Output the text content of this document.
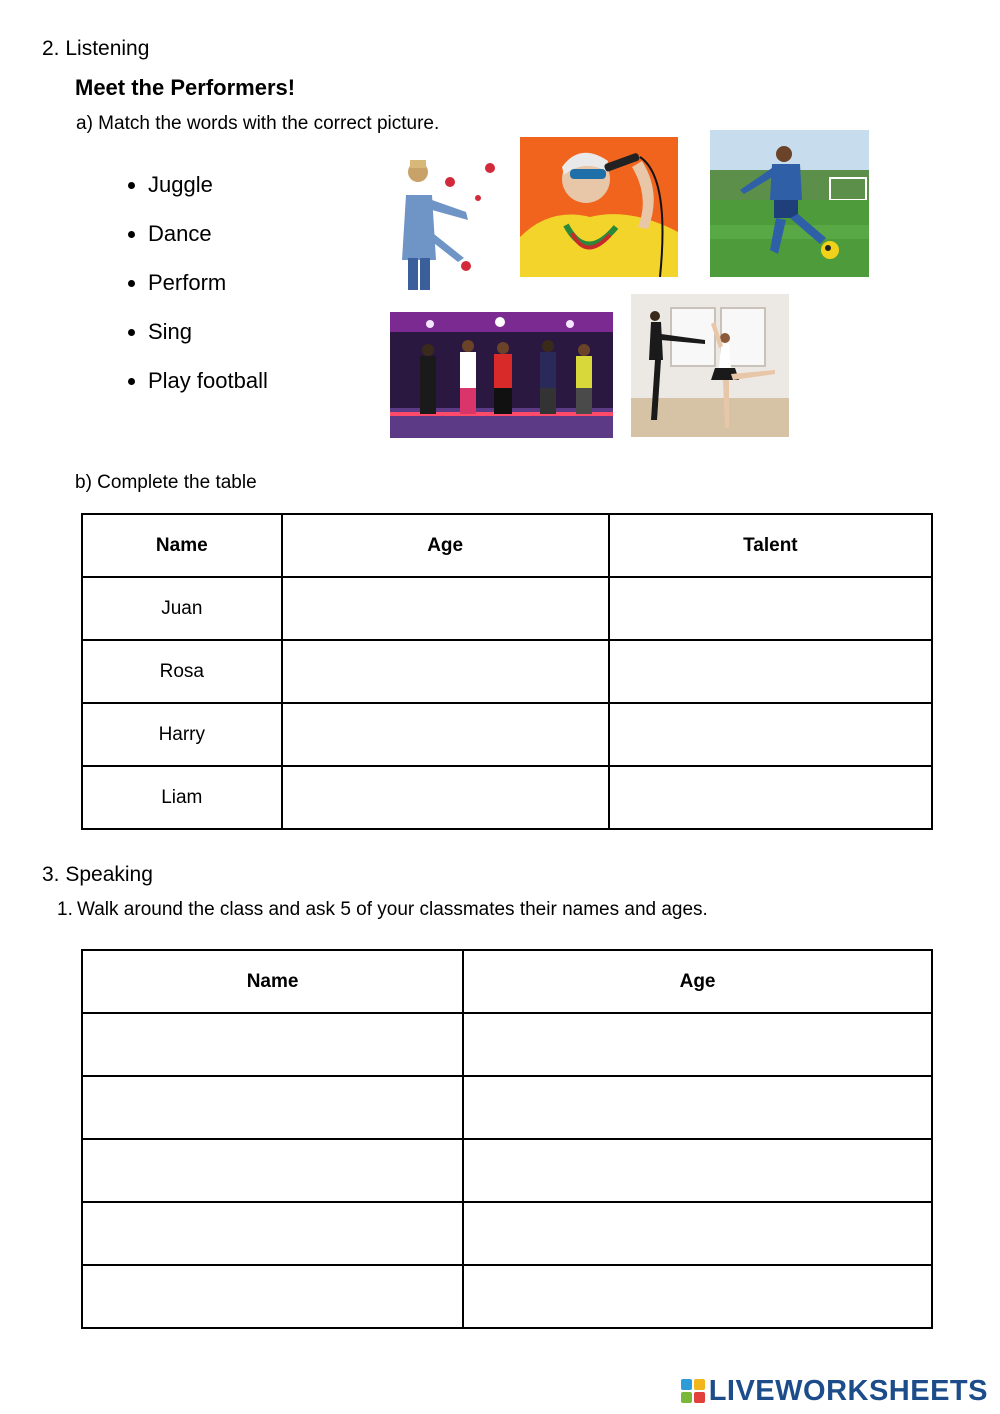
2. Listening
Meet the Performers!
a) Match the words with the correct picture.
• Juggle
• Dance
• Perform
• Sing
• Play football
b) Complete the table
Name	Age	Talent
Juan		
Rosa		
Harry		
Liam		
3. Speaking
1. Walk around the class and ask 5 of your classmates their names and ages.
Name	Age

LIVEWORKSHEETS
